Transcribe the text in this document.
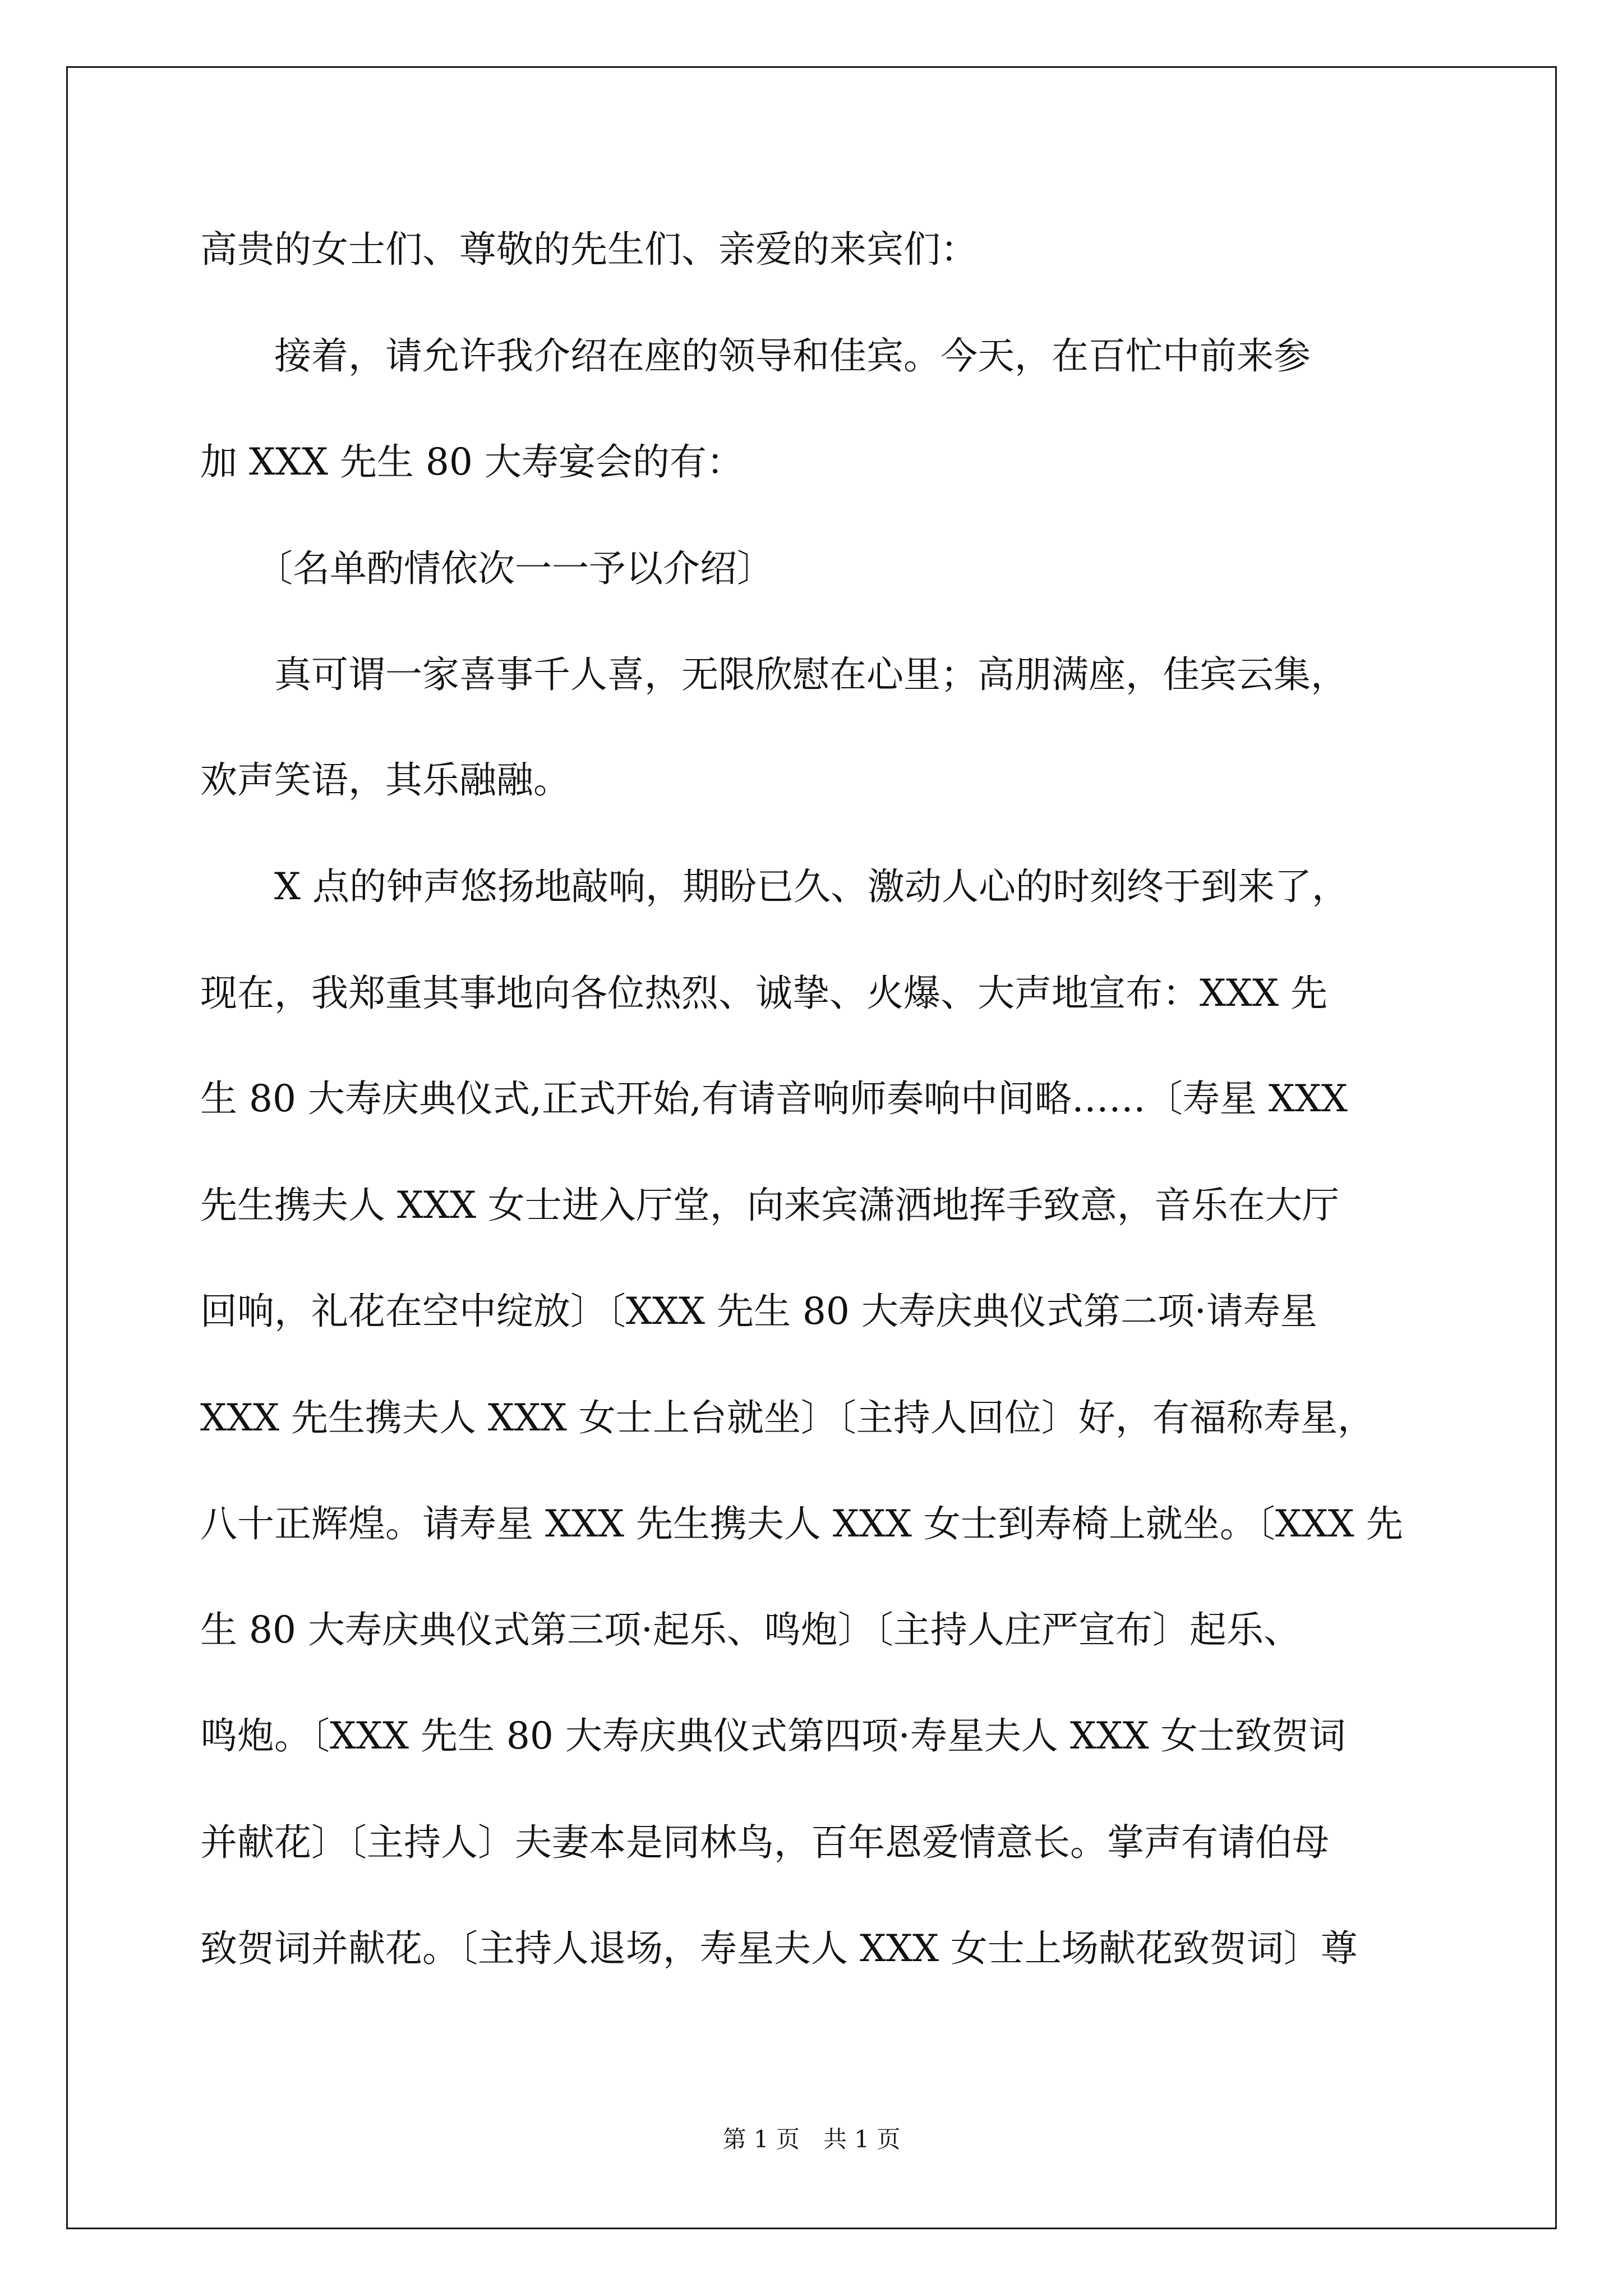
高贵的女士们、尊敬的先生们、亲爱的来宾们：

　　接着，请允许我介绍在座的领导和佳宾。今天，在百忙中前来参

加 XXX 先生 80 大寿宴会的有：

　　〔名单酌情依次一一予以介绍〕

　　真可谓一家喜事千人喜，无限欣慰在心里；高朋满座，佳宾云集，

欢声笑语，其乐融融。

　　X 点的钟声悠扬地敲响，期盼已久、激动人心的时刻终于到来了，

现在，我郑重其事地向各位热烈、诚挚、火爆、大声地宣布：XXX 先

生 80 大寿庆典仪式,正式开始,有请音响师奏响中间略……〔寿星 XXX

先生携夫人 XXX 女士进入厅堂，向来宾潇洒地挥手致意，音乐在大厅

回响，礼花在空中绽放〕〔XXX 先生 80 大寿庆典仪式第二项·请寿星

XXX 先生携夫人 XXX 女士上台就坐〕〔主持人回位〕好，有福称寿星，

八十正辉煌。请寿星 XXX 先生携夫人 XXX 女士到寿椅上就坐。〔XXX 先

生 80 大寿庆典仪式第三项·起乐、鸣炮〕〔主持人庄严宣布〕起乐、

鸣炮。〔XXX 先生 80 大寿庆典仪式第四项·寿星夫人 XXX 女士致贺词

并献花〕〔主持人〕夫妻本是同林鸟，百年恩爱情意长。掌声有请伯母

致贺词并献花。〔主持人退场，寿星夫人 XXX 女士上场献花致贺词〕尊

第 1 页　共 1 页
